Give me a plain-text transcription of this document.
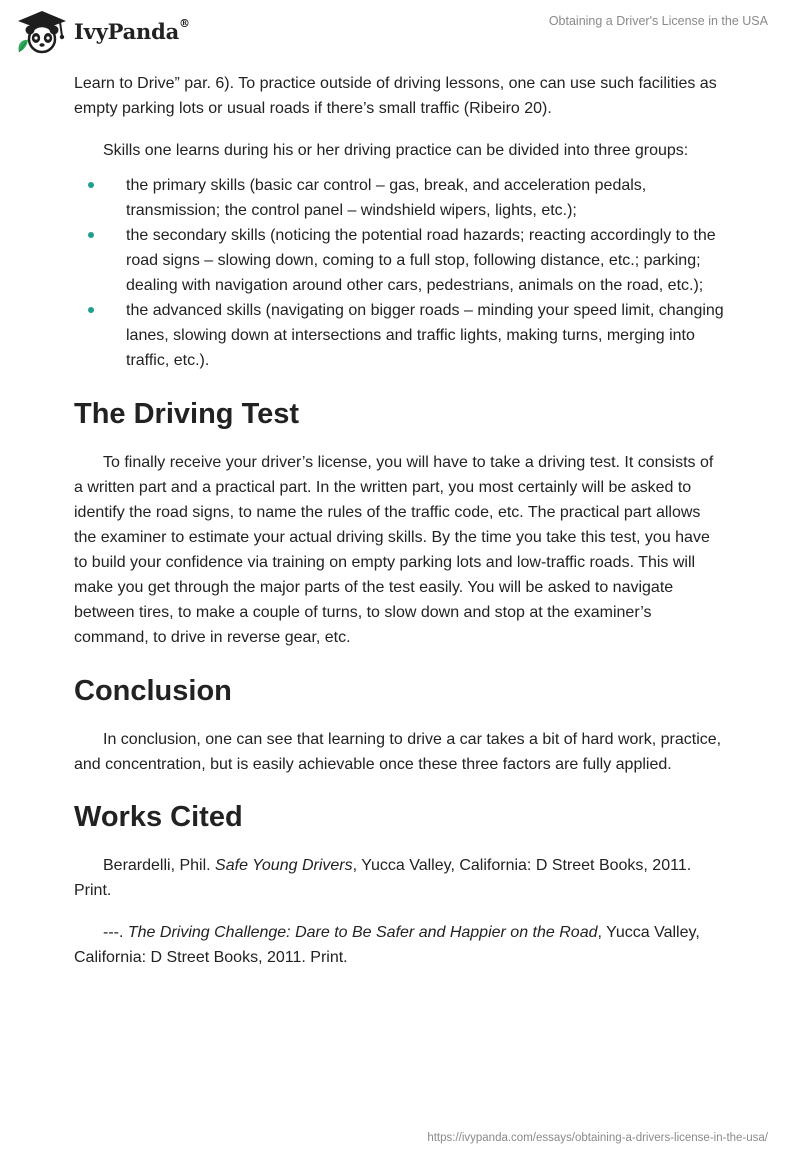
IvyPanda®	Obtaining a Driver's License in the USA

Learn to Drive” par. 6). To practice outside of driving lessons, one can use such facilities as empty parking lots or usual roads if there’s small traffic (Ribeiro 20).

Skills one learns during his or her driving practice can be divided into three groups:

the primary skills (basic car control – gas, break, and acceleration pedals, transmission; the control panel – windshield wipers, lights, etc.);
the secondary skills (noticing the potential road hazards; reacting accordingly to the road signs – slowing down, coming to a full stop, following distance, etc.; parking; dealing with navigation around other cars, pedestrians, animals on the road, etc.);
the advanced skills (navigating on bigger roads – minding your speed limit, changing lanes, slowing down at intersections and traffic lights, making turns, merging into traffic, etc.).
The Driving Test

To finally receive your driver’s license, you will have to take a driving test. It consists of a written part and a practical part. In the written part, you most certainly will be asked to identify the road signs, to name the rules of the traffic code, etc. The practical part allows the examiner to estimate your actual driving skills. By the time you take this test, you have to build your confidence via training on empty parking lots and low-traffic roads. This will make you get through the major parts of the test easily. You will be asked to navigate between tires, to make a couple of turns, to slow down and stop at the examiner’s command, to drive in reverse gear, etc.

Conclusion

In conclusion, one can see that learning to drive a car takes a bit of hard work, practice, and concentration, but is easily achievable once these three factors are fully applied.

Works Cited

Berardelli, Phil. Safe Young Drivers, Yucca Valley, California: D Street Books, 2011. Print.

---. The Driving Challenge: Dare to Be Safer and Happier on the Road, Yucca Valley, California: D Street Books, 2011. Print.

https://ivypanda.com/essays/obtaining-a-drivers-license-in-the-usa/
